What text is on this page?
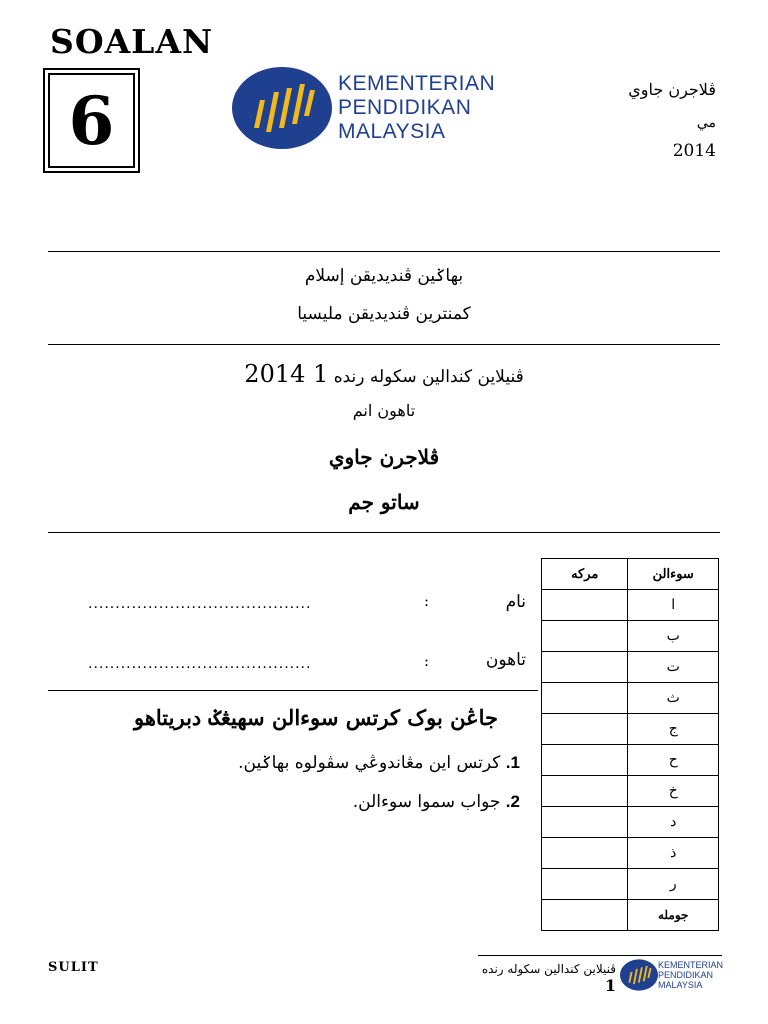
SOALAN
6	KEMENTERIAN
PENDIDIKAN
MALAYSIA
ڤلاجرن جاوي
مي
2014
بهاݢين ڤنديديقن إسلام
كمنترين ڤنديديقن مليسيا
ڤنيلاين كندالين سكوله رنده 2014 1
تاهون انم
ڤلاجرن جاوي
ساتو جم
نام
:
.........................................
تاهون
:
.........................................
جاڠن بوک کرتس سوءالن سهيڠݢ دبريتاهو
1. كرتس اين مڠاندوڠي سڤولوه بهاݢين.
2. جواب سموا سوءالن.
سوءالن	مركه
ا	
ب	
ت	
ث	
ج	
ح	
خ	
د	
ذ	
ر	
جومله	
SULIT	ڤنيلاين كندالين سكوله رنده 1
KEMENTERIAN
PENDIDIKAN
MALAYSIA
